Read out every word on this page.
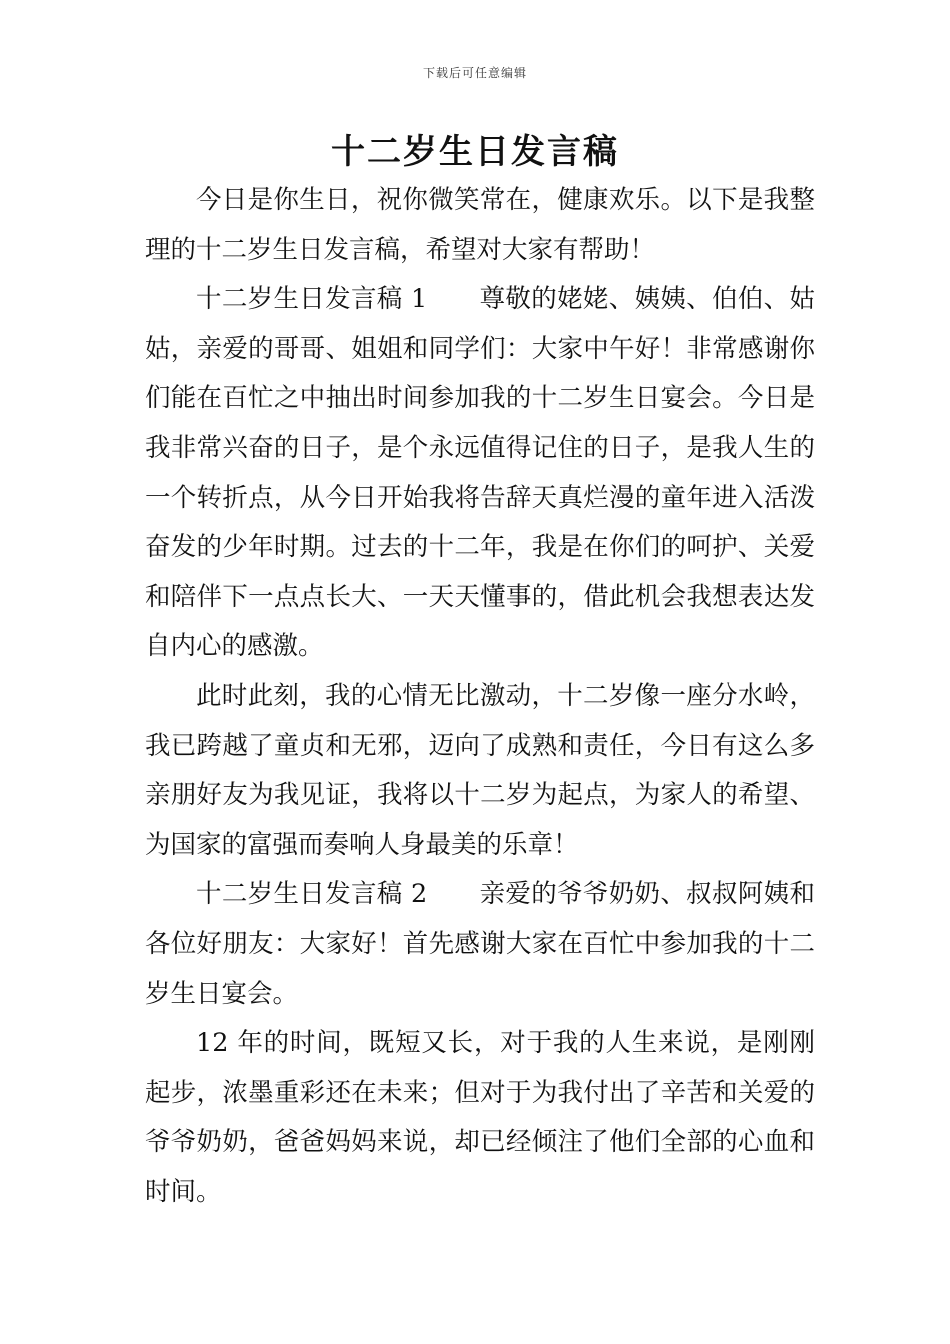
下载后可任意编辑
十二岁生日发言稿

今日是你生日，祝你微笑常在，健康欢乐。以下是我整理的十二岁生日发言稿，希望对大家有帮助！

十二岁生日发言稿 1 尊敬的姥姥、姨姨、伯伯、姑姑，亲爱的哥哥、姐姐和同学们：大家中午好！非常感谢你们能在百忙之中抽出时间参加我的十二岁生日宴会。今日是我非常兴奋的日子，是个永远值得记住的日子，是我人生的一个转折点，从今日开始我将告辞天真烂漫的童年进入活泼奋发的少年时期。过去的十二年，我是在你们的呵护、关爱和陪伴下一点点长大、一天天懂事的，借此机会我想表达发自内心的感激。

此时此刻，我的心情无比激动，十二岁像一座分水岭，我已跨越了童贞和无邪，迈向了成熟和责任，今日有这么多亲朋好友为我见证，我将以十二岁为起点，为家人的希望、为国家的富强而奏响人身最美的乐章！

十二岁生日发言稿 2 亲爱的爷爷奶奶、叔叔阿姨和各位好朋友：大家好！首先感谢大家在百忙中参加我的十二岁生日宴会。

12 年的时间，既短又长，对于我的人生来说，是刚刚起步，浓墨重彩还在未来；但对于为我付出了辛苦和关爱的爷爷奶奶，爸爸妈妈来说，却已经倾注了他们全部的心血和时间。
